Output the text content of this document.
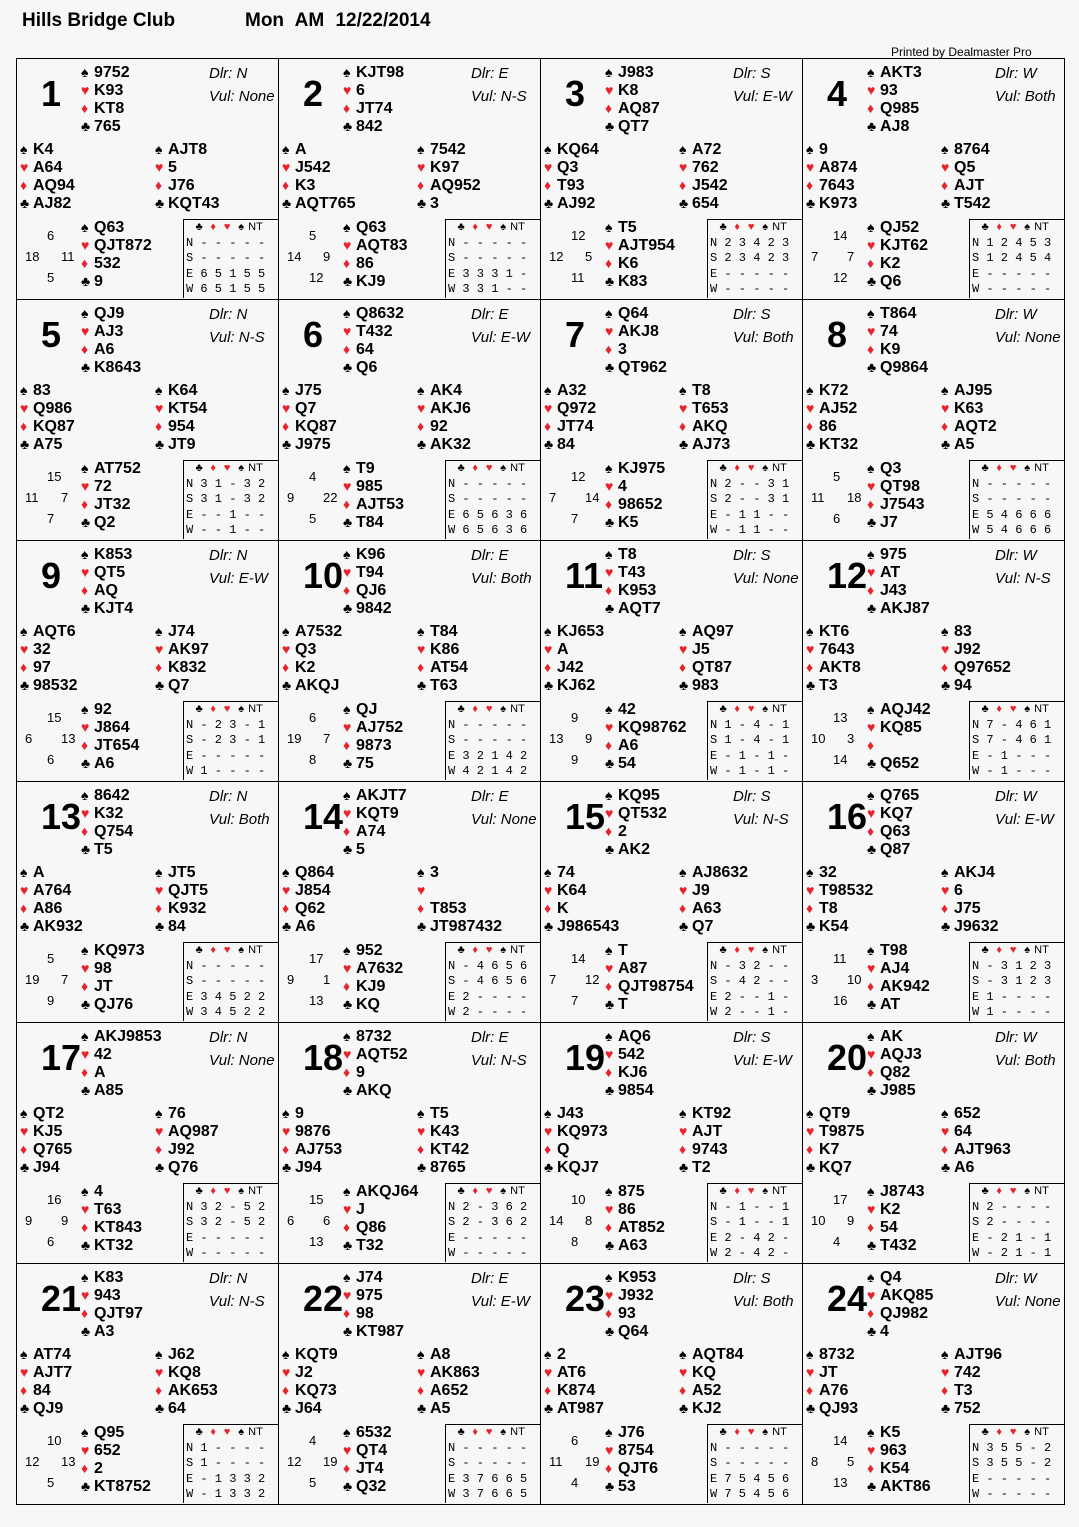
Hills Bridge Club	Mon AM 12/22/2014
Printed by Dealmaster Pro
1	Dlr: N
Vul: None
♠ 9752
♥ K93
♦ KT8
♣ 765
♠ K4
♥ A64
♦ AQ94
♣ AJ82
♠ AJT8
♥ 5
♦ J76
♣ KQT43
♠ Q63
♥ QJT872
♦ 532
♣ 9
6
18 11
5
♣ ♦ ♥ ♠ NT
N - - - - -
S - - - - -
E 6 5 1 5 5
W 6 5 1 5 5
2	Dlr: E
Vul: N-S
♠ KJT98
♥ 6
♦ JT74
♣ 842
♠ A
♥ J542
♦ K3
♣ AQT765
♠ 7542
♥ K97
♦ AQ952
♣ 3
♠ Q63
♥ AQT83
♦ 86
♣ KJ9
5
14 9
12
♣ ♦ ♥ ♠ NT
N - - - - -
S - - - - -
E 3 3 3 1 -
W 3 3 1 - -
3	Dlr: S
Vul: E-W
♠ J983
♥ K8
♦ AQ87
♣ QT7
♠ KQ64
♥ Q3
♦ T93
♣ AJ92
♠ A72
♥ 762
♦ J542
♣ 654
♠ T5
♥ AJT954
♦ K6
♣ K83
12
12 5
11
♣ ♦ ♥ ♠ NT
N 2 3 4 2 3
S 2 3 4 2 3
E - - - - -
W - - - - -
4	Dlr: W
Vul: Both
♠ AKT3
♥ 93
♦ Q985
♣ AJ8
♠ 9
♥ A874
♦ 7643
♣ K973
♠ 8764
♥ Q5
♦ AJT
♣ T542
♠ QJ52
♥ KJT62
♦ K2
♣ Q6
14
7 7
12
♣ ♦ ♥ ♠ NT
N 1 2 4 5 3
S 1 2 4 5 4
E - - - - -
W - - - - -
5	Dlr: N
Vul: N-S
♠ QJ9
♥ AJ3
♦ A6
♣ K8643
♠ 83
♥ Q986
♦ KQ87
♣ A75
♠ K64
♥ KT54
♦ 954
♣ JT9
♠ AT752
♥ 72
♦ JT32
♣ Q2
15
11 7
7
♣ ♦ ♥ ♠ NT
N 3 1 - 3 2
S 3 1 - 3 2
E - - 1 - -
W - - 1 - -
6	Dlr: E
Vul: E-W
♠ Q8632
♥ T432
♦ 64
♣ Q6
♠ J75
♥ Q7
♦ KQ87
♣ J975
♠ AK4
♥ AKJ6
♦ 92
♣ AK32
♠ T9
♥ 985
♦ AJT53
♣ T84
4
9 22
5
♣ ♦ ♥ ♠ NT
N - - - - -
S - - - - -
E 6 5 6 3 6
W 6 5 6 3 6
7	Dlr: S
Vul: Both
♠ Q64
♥ AKJ8
♦ 3
♣ QT962
♠ A32
♥ Q972
♦ JT74
♣ 84
♠ T8
♥ T653
♦ AKQ
♣ AJ73
♠ KJ975
♥ 4
♦ 98652
♣ K5
12
7 14
7
♣ ♦ ♥ ♠ NT
N 2 - - 3 1
S 2 - - 3 1
E - 1 1 - -
W - 1 1 - -
8	Dlr: W
Vul: None
♠ T864
♥ 74
♦ K9
♣ Q9864
♠ K72
♥ AJ52
♦ 86
♣ KT32
♠ AJ95
♥ K63
♦ AQT2
♣ A5
♠ Q3
♥ QT98
♦ J7543
♣ J7
5
11 18
6
♣ ♦ ♥ ♠ NT
N - - - - -
S - - - - -
E 5 4 6 6 6
W 5 4 6 6 6
9	Dlr: N
Vul: E-W
♠ K853
♥ QT5
♦ AQ
♣ KJT4
♠ AQT6
♥ 32
♦ 97
♣ 98532
♠ J74
♥ AK97
♦ K832
♣ Q7
♠ 92
♥ J864
♦ JT654
♣ A6
15
6 13
6
♣ ♦ ♥ ♠ NT
N - 2 3 - 1
S - 2 3 - 1
E - - - - -
W 1 - - - -
10	Dlr: E
Vul: Both
♠ K96
♥ T94
♦ QJ6
♣ 9842
♠ A7532
♥ Q3
♦ K2
♣ AKQJ
♠ T84
♥ K86
♦ AT54
♣ T63
♠ QJ
♥ AJ752
♦ 9873
♣ 75
6
19 7
8
♣ ♦ ♥ ♠ NT
N - - - - -
S - - - - -
E 3 2 1 4 2
W 4 2 1 4 2
11	Dlr: S
Vul: None
♠ T8
♥ T43
♦ K953
♣ AQT7
♠ KJ653
♥ A
♦ J42
♣ KJ62
♠ AQ97
♥ J5
♦ QT87
♣ 983
♠ 42
♥ KQ98762
♦ A6
♣ 54
9
13 9
9
♣ ♦ ♥ ♠ NT
N 1 - 4 - 1
S 1 - 4 - 1
E - 1 - 1 -
W - 1 - 1 -
12	Dlr: W
Vul: N-S
♠ 975
♥ AT
♦ J43
♣ AKJ87
♠ KT6
♥ 7643
♦ AKT8
♣ T3
♠ 83
♥ J92
♦ Q97652
♣ 94
♠ AQJ42
♥ KQ85
♦
♣ Q652
13
10 3
14
♣ ♦ ♥ ♠ NT
N 7 - 4 6 1
S 7 - 4 6 1
E - 1 - - -
W - 1 - - -
13	Dlr: N
Vul: Both
♠ 8642
♥ K32
♦ Q754
♣ T5
♠ A
♥ A764
♦ A86
♣ AK932
♠ JT5
♥ QJT5
♦ K932
♣ 84
♠ KQ973
♥ 98
♦ JT
♣ QJ76
5
19 7
9
♣ ♦ ♥ ♠ NT
N - - - - -
S - - - - -
E 3 4 5 2 2
W 3 4 5 2 2
14	Dlr: E
Vul: None
♠ AKJT7
♥ KQT9
♦ A74
♣ 5
♠ Q864
♥ J854
♦ Q62
♣ A6
♠ 3
♥
♦ T853
♣ JT987432
♠ 952
♥ A7632
♦ KJ9
♣ KQ
17
9 1
13
♣ ♦ ♥ ♠ NT
N - 4 6 5 6
S - 4 6 5 6
E 2 - - - -
W 2 - - - -
15	Dlr: S
Vul: N-S
♠ KQ95
♥ QT532
♦ 2
♣ AK2
♠ 74
♥ K64
♦ K
♣ J986543
♠ AJ8632
♥ J9
♦ A63
♣ Q7
♠ T
♥ A87
♦ QJT98754
♣ T
14
7 12
7
♣ ♦ ♥ ♠ NT
N - 3 2 - -
S - 4 2 - -
E 2 - - 1 -
W 2 - - 1 -
16	Dlr: W
Vul: E-W
♠ Q765
♥ KQ7
♦ Q63
♣ Q87
♠ 32
♥ T98532
♦ T8
♣ K54
♠ AKJ4
♥ 6
♦ J75
♣ J9632
♠ T98
♥ AJ4
♦ AK942
♣ AT
11
3 10
16
♣ ♦ ♥ ♠ NT
N - 3 1 2 3
S - 3 1 2 3
E 1 - - - -
W 1 - - - -
17	Dlr: N
Vul: None
♠ AKJ9853
♥ 42
♦ A
♣ A85
♠ QT2
♥ KJ5
♦ Q765
♣ J94
♠ 76
♥ AQ987
♦ J92
♣ Q76
♠ 4
♥ T63
♦ KT843
♣ KT32
16
9 9
6
♣ ♦ ♥ ♠ NT
N 3 2 - 5 2
S 3 2 - 5 2
E - - - - -
W - - - - -
18	Dlr: E
Vul: N-S
♠ 8732
♥ AQT52
♦ 9
♣ AKQ
♠ 9
♥ 9876
♦ AJ753
♣ J94
♠ T5
♥ K43
♦ KT42
♣ 8765
♠ AKQJ64
♥ J
♦ Q86
♣ T32
15
6 6
13
♣ ♦ ♥ ♠ NT
N 2 - 3 6 2
S 2 - 3 6 2
E - - - - -
W - - - - -
19	Dlr: S
Vul: E-W
♠ AQ6
♥ 542
♦ KJ6
♣ 9854
♠ J43
♥ KQ973
♦ Q
♣ KQJ7
♠ KT92
♥ AJT
♦ 9743
♣ T2
♠ 875
♥ 86
♦ AT852
♣ A63
10
14 8
8
♣ ♦ ♥ ♠ NT
N - 1 - - 1
S - 1 - - 1
E 2 - 4 2 -
W 2 - 4 2 -
20	Dlr: W
Vul: Both
♠ AK
♥ AQJ3
♦ Q82
♣ J985
♠ QT9
♥ T9875
♦ K7
♣ KQ7
♠ 652
♥ 64
♦ AJT963
♣ A6
♠ J8743
♥ K2
♦ 54
♣ T432
17
10 9
4
♣ ♦ ♥ ♠ NT
N 2 - - - -
S 2 - - - -
E - 2 1 - 1
W - 2 1 - 1
21	Dlr: N
Vul: N-S
♠ K83
♥ 943
♦ QJT97
♣ A3
♠ AT74
♥ AJT7
♦ 84
♣ QJ9
♠ J62
♥ KQ8
♦ AK653
♣ 64
♠ Q95
♥ 652
♦ 2
♣ KT8752
10
12 13
5
♣ ♦ ♥ ♠ NT
N 1 - - - -
S 1 - - - -
E - 1 3 3 2
W - 1 3 3 2
22	Dlr: E
Vul: E-W
♠ J74
♥ 975
♦ 98
♣ KT987
♠ KQT9
♥ J2
♦ KQ73
♣ J64
♠ A8
♥ AK863
♦ A652
♣ A5
♠ 6532
♥ QT4
♦ JT4
♣ Q32
4
12 19
5
♣ ♦ ♥ ♠ NT
N - - - - -
S - - - - -
E 3 7 6 6 5
W 3 7 6 6 5
23	Dlr: S
Vul: Both
♠ K953
♥ J932
♦ 93
♣ Q64
♠ 2
♥ AT6
♦ K874
♣ AT987
♠ AQT84
♥ KQ
♦ A52
♣ KJ2
♠ J76
♥ 8754
♦ QJT6
♣ 53
6
11 19
4
♣ ♦ ♥ ♠ NT
N - - - - -
S - - - - -
E 7 5 4 5 6
W 7 5 4 5 6
24	Dlr: W
Vul: None
♠ Q4
♥ AKQ85
♦ QJ982
♣ 4
♠ 8732
♥ JT
♦ A76
♣ QJ93
♠ AJT96
♥ 742
♦ T3
♣ 752
♠ K5
♥ 963
♦ K54
♣ AKT86
14
8 5
13
♣ ♦ ♥ ♠ NT
N 3 5 5 - 2
S 3 5 5 - 2
E - - - - -
W - - - - -
